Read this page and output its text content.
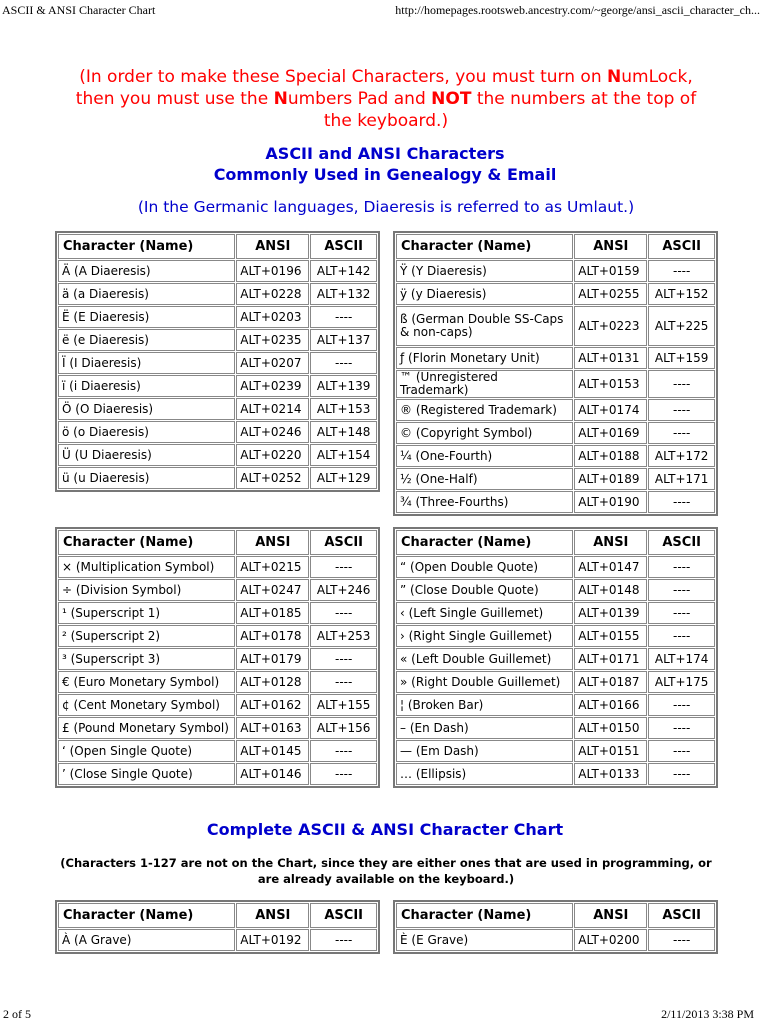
ASCII & ANSI Character Chart	http://homepages.rootsweb.ancestry.com/~george/ansi_ascii_character_ch...
(In order to make these Special Characters, you must turn on NumLock,
then you must use the Numbers Pad and NOT the numbers at the top of
the keyboard.)
ASCII and ANSI Characters
Commonly Used in Genealogy & Email
(In the Germanic languages, Diaeresis is referred to as Umlaut.)
Character (Name)	ANSI	ASCII
Ä (A Diaeresis)	ALT+0196	ALT+142
ä (a Diaeresis)	ALT+0228	ALT+132
Ë (E Diaeresis)	ALT+0203	----
ë (e Diaeresis)	ALT+0235	ALT+137
Ï (I Diaeresis)	ALT+0207	----
ï (i Diaeresis)	ALT+0239	ALT+139
Ö (O Diaeresis)	ALT+0214	ALT+153
ö (o Diaeresis)	ALT+0246	ALT+148
Ü (U Diaeresis)	ALT+0220	ALT+154
ü (u Diaeresis)	ALT+0252	ALT+129
Character (Name)	ANSI	ASCII
Ÿ (Y Diaeresis)	ALT+0159	----
ÿ (y Diaeresis)	ALT+0255	ALT+152
ß (German Double SS-Caps & non-caps)	ALT+0223	ALT+225
ƒ (Florin Monetary Unit)	ALT+0131	ALT+159
™ (Unregistered Trademark)	ALT+0153	----
® (Registered Trademark)	ALT+0174	----
© (Copyright Symbol)	ALT+0169	----
¼ (One-Fourth)	ALT+0188	ALT+172
½ (One-Half)	ALT+0189	ALT+171
¾ (Three-Fourths)	ALT+0190	----
Character (Name)	ANSI	ASCII
× (Multiplication Symbol)	ALT+0215	----
÷ (Division Symbol)	ALT+0247	ALT+246
¹ (Superscript 1)	ALT+0185	----
² (Superscript 2)	ALT+0178	ALT+253
³ (Superscript 3)	ALT+0179	----
€ (Euro Monetary Symbol)	ALT+0128	----
¢ (Cent Monetary Symbol)	ALT+0162	ALT+155
£ (Pound Monetary Symbol)	ALT+0163	ALT+156
‘ (Open Single Quote)	ALT+0145	----
’ (Close Single Quote)	ALT+0146	----
Character (Name)	ANSI	ASCII
“ (Open Double Quote)	ALT+0147	----
” (Close Double Quote)	ALT+0148	----
‹ (Left Single Guillemet)	ALT+0139	----
› (Right Single Guillemet)	ALT+0155	----
« (Left Double Guillemet)	ALT+0171	ALT+174
» (Right Double Guillemet)	ALT+0187	ALT+175
¦ (Broken Bar)	ALT+0166	----
– (En Dash)	ALT+0150	----
— (Em Dash)	ALT+0151	----
… (Ellipsis)	ALT+0133	----
Complete ASCII & ANSI Character Chart
(Characters 1-127 are not on the Chart, since they are either ones that are used in programming, or
are already available on the keyboard.)
Character (Name)	ANSI	ASCII
À (A Grave)	ALT+0192	----
Character (Name)	ANSI	ASCII
È (E Grave)	ALT+0200	----
2 of 5	2/11/2013 3:38 PM
